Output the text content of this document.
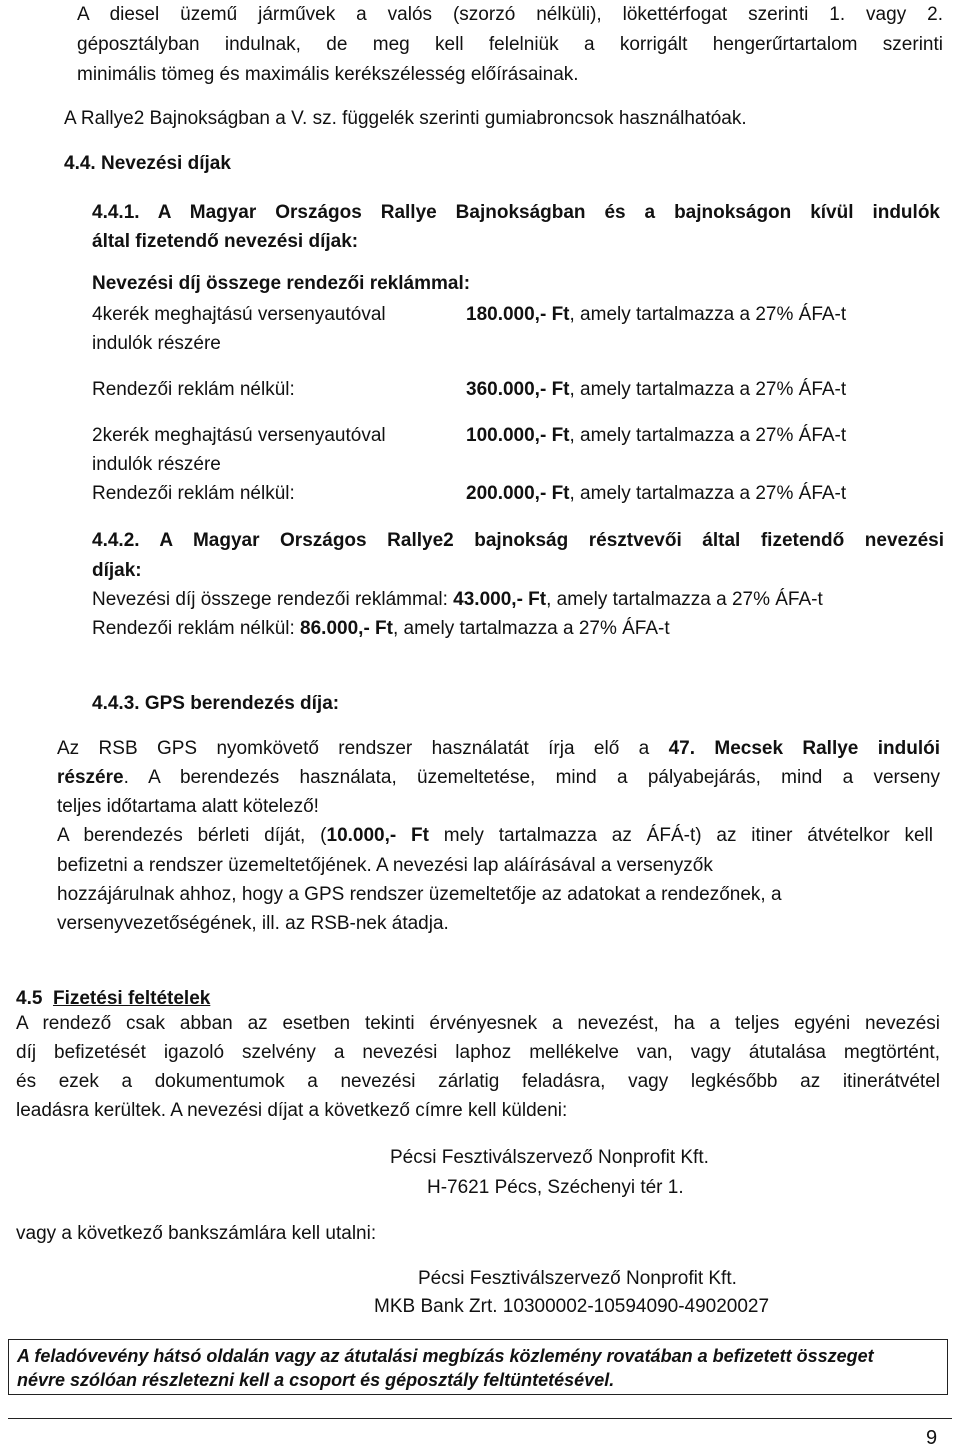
A diesel üzemű járművek a valós (szorzó nélküli), lökettérfogat szerinti 1. vagy 2.
géposztályban indulnak, de meg kell felelniük a korrigált hengerűrtartalom szerinti
minimális tömeg és maximális kerékszélesség előírásainak.
A Rallye2 Bajnokságban a V. sz. függelék szerinti gumiabroncsok használhatóak.
4.4. Nevezési díjak
4.4.1. A Magyar Országos Rallye Bajnokságban és a bajnokságon kívül indulók
által fizetendő nevezési díjak:
Nevezési díj összege rendezői reklámmal:
4kerék meghajtású versenyautóval	180.000,- Ft, amely tartalmazza a 27% ÁFA-t
indulók részére
Rendezői reklám nélkül:	360.000,- Ft, amely tartalmazza a 27% ÁFA-t
2kerék meghajtású versenyautóval	100.000,- Ft, amely tartalmazza a 27% ÁFA-t
indulók részére
Rendezői reklám nélkül:	200.000,- Ft, amely tartalmazza a 27% ÁFA-t
4.4.2. A Magyar Országos Rallye2 bajnokság résztvevői által fizetendő nevezési
díjak:
Nevezési díj összege rendezői reklámmal: 43.000,- Ft, amely tartalmazza a 27% ÁFA-t
Rendezői reklám nélkül: 86.000,- Ft, amely tartalmazza a 27% ÁFA-t
4.4.3. GPS berendezés díja:
Az RSB GPS nyomkövető rendszer használatát írja elő a 47. Mecsek Rallye indulói
részére. A berendezés használata, üzemeltetése, mind a pályabejárás, mind a verseny
teljes időtartama alatt kötelező!
A berendezés bérleti díját, (10.000,- Ft mely tartalmazza az ÁFÁ-t) az itiner átvételkor kell
befizetni a rendszer üzemeltetőjének. A nevezési lap aláírásával a versenyzők
hozzájárulnak ahhoz, hogy a GPS rendszer üzemeltetője az adatokat a rendezőnek, a
versenyvezetőségének, ill. az RSB-nek átadja.
4.5 Fizetési feltételek
A rendező csak abban az esetben tekinti érvényesnek a nevezést, ha a teljes egyéni nevezési
díj befizetését igazoló szelvény a nevezési laphoz mellékelve van, vagy átutalása megtörtént,
és ezek a dokumentumok a nevezési zárlatig feladásra, vagy legkésőbb az itinerátvétel
leadásra kerültek. A nevezési díjat a következő címre kell küldeni:
Pécsi Fesztiválszervező Nonprofit Kft.
H-7621 Pécs, Széchenyi tér 1.
vagy a következő bankszámlára kell utalni:
Pécsi Fesztiválszervező Nonprofit Kft.
MKB Bank Zrt. 10300002-10594090-49020027
A feladóvevény hátsó oldalán vagy az átutalási megbízás közlemény rovatában a befizetett összeget
névre szólóan részletezni kell a csoport és géposztály feltüntetésével.
9
